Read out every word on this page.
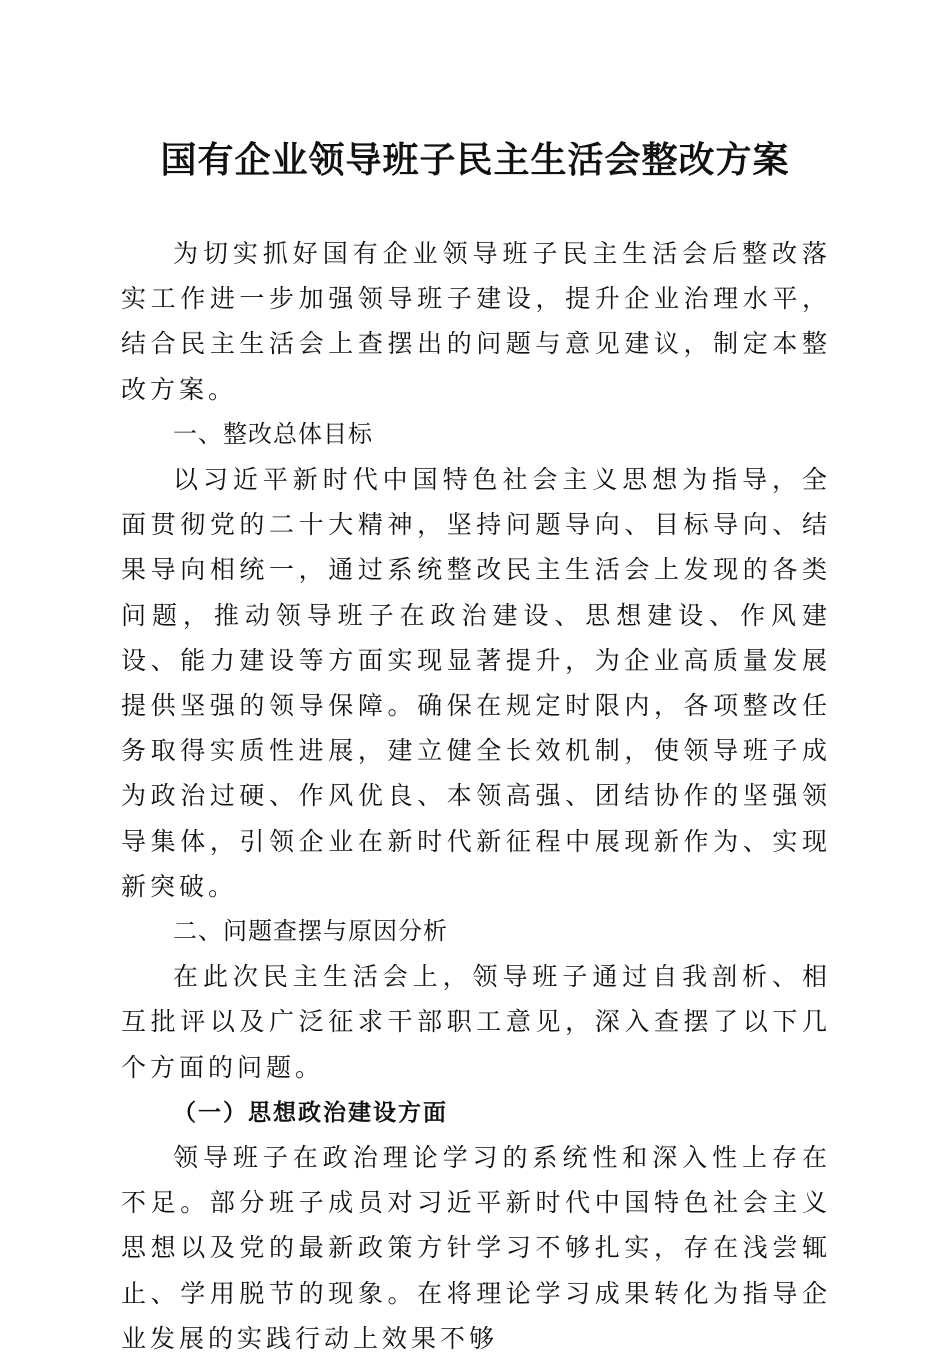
国有企业领导班子民主生活会整改方案

为切实抓好国有企业领导班子民主生活会后整改落实工作进一步加强领导班子建设，提升企业治理水平，结合民主生活会上查摆出的问题与意见建议，制定本整改方案。

一、整改总体目标

以习近平新时代中国特色社会主义思想为指导，全面贯彻党的二十大精神，坚持问题导向、目标导向、结果导向相统一，通过系统整改民主生活会上发现的各类问题，推动领导班子在政治建设、思想建设、作风建设、能力建设等方面实现显著提升，为企业高质量发展提供坚强的领导保障。确保在规定时限内，各项整改任务取得实质性进展，建立健全长效机制，使领导班子成为政治过硬、作风优良、本领高强、团结协作的坚强领导集体，引领企业在新时代新征程中展现新作为、实现新突破。

二、问题查摆与原因分析

在此次民主生活会上，领导班子通过自我剖析、相互批评以及广泛征求干部职工意见，深入查摆了以下几个方面的问题。

（一）思想政治建设方面

领导班子在政治理论学习的系统性和深入性上存在不足。部分班子成员对习近平新时代中国特色社会主义思想以及党的最新政策方针学习不够扎实，存在浅尝辄止、学用脱节的现象。在将理论学习成果转化为指导企业发展的实践行动上效果不够
